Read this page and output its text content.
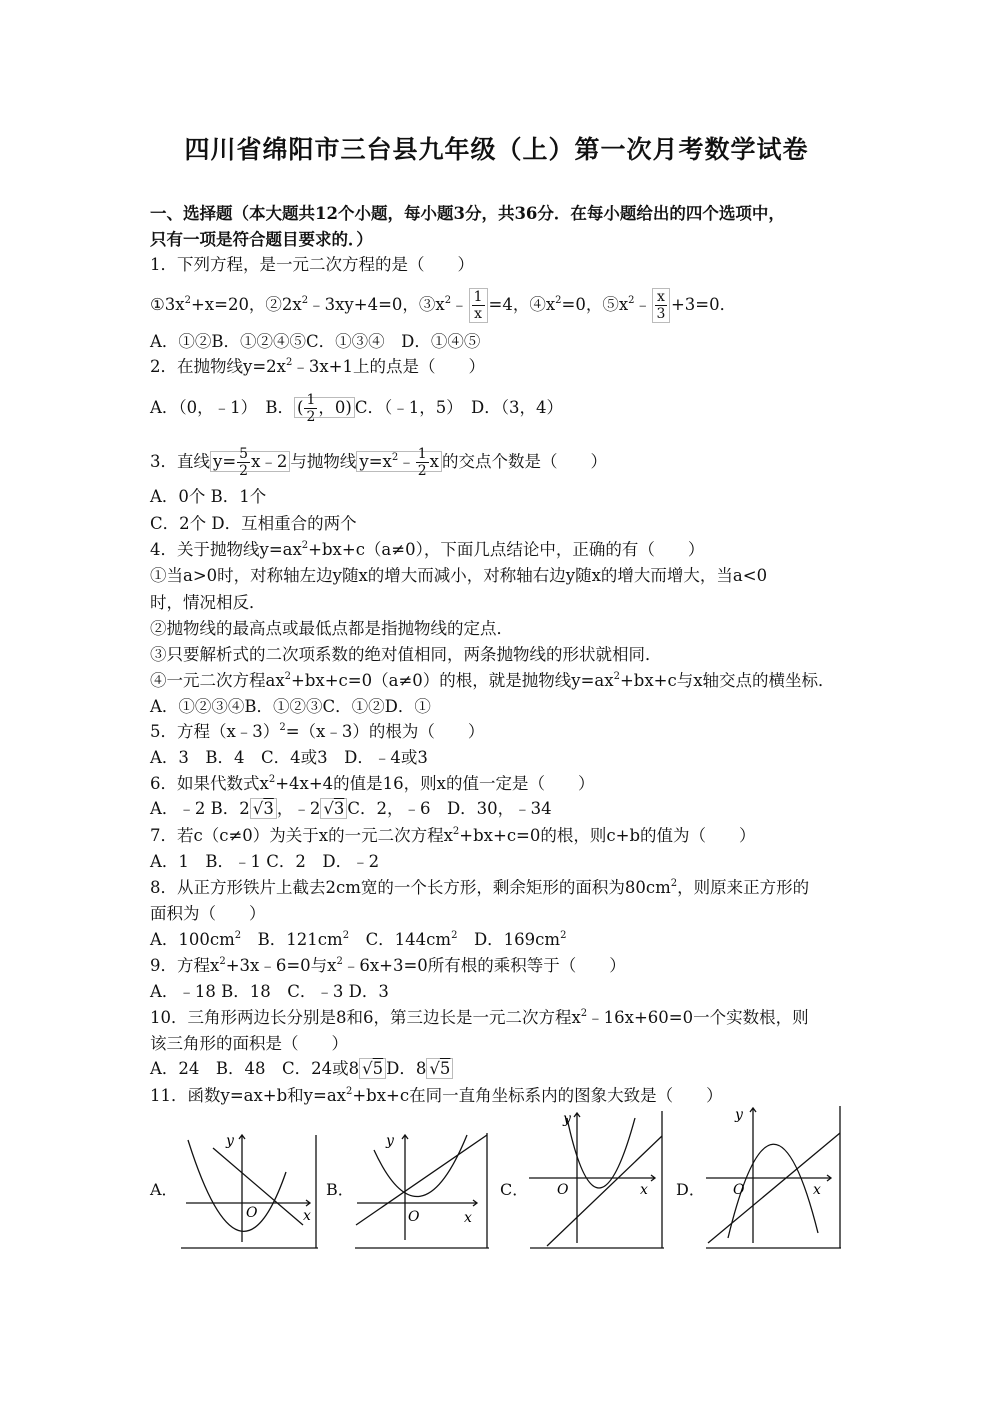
四川省绵阳市三台县九年级（上）第一次月考数学试卷
一、选择题（本大题共12个小题，每小题3分，共36分．在每小题给出的四个选项中，
只有一项是符合题目要求的．）
1．下列方程，是一元二次方程的是（　　）
$①3x^2+x=20$，$②2x^2﹣3xy+4=0$，$③x^2﹣ \frac{1}{x} =4$，$④x^2=0$，$⑤x^2﹣ \frac{x}{3} +3=0$．
A．①②B．①②④⑤C．①③④　D．①④⑤
2．在抛物线$y=2x^2﹣3x+1$上的点是（　　）
A．（0，﹣1）　B． ( $\frac{1}{2}$ ，0) C．（﹣1，5）　D．（3，4）
3．直线 $y= \frac{5}{2}$ x﹣2 与抛物线 $y=x^2﹣ \frac{1}{2}$ x 的交点个数是（　　）
A．0个 B．1个
C．2个 D．互相重合的两个
4．关于抛物线$y=ax^2+bx+c(a\ne 0)$，下面几点结论中，正确的有（　　）
①当a>0时，对称轴左边y随x的增大而减小，对称轴右边y随x的增大而增大，当a<0
时，情况相反．
②抛物线的最高点或最低点都是指抛物线的定点．
③只要解析式的二次项系数的绝对值相同，两条抛物线的形状就相同．
④一元二次方程$ax^2+bx+c=0(a\ne 0)$的根，就是抛物线$y=ax^2+bx+c$与x轴交点的横坐标．
A．①②③④B．①②③C．①②D．①
5．方程（x﹣3）$^2$=（x﹣3）的根为（　　）
A．3　B．4　C．4或3　D．﹣4或3
6．如果代数式$x^2+4x+4$的值是16，则x的值一定是（　　）
A．﹣2 B．2 √3 ，﹣2 √3 C．2，﹣6　D．30，﹣34
7．若c（c≠0）为关于x的一元二次方程$x^2+bx+c=0$的根，则c+b的值为（　　）
A．1　B．﹣1 C．2　D．﹣2
8．从正方形铁片上截去2cm宽的一个长方形，剩余矩形的面积为$80cm^2$，则原来正方形的
面积为（　　）
A．$100cm^2$　B．$121cm^2$　C．$144cm^2$　D．$169cm^2$
9．方程$x^2+3x﹣6=0$与$x^2﹣6x+3=0$所有根的乘积等于（　　）
A．﹣18 B．18　C．﹣3 D．3
10．三角形两边长分别是8和6，第三边长是一元二次方程$x^2﹣16x+60=0$一个实数根，则
该三角形的面积是（　　）
A．24　B．48　C．24或8 √5 D．8 √5
11．函数y=ax+b和$y=ax^2+bx+c$在同一直角坐标系内的图象大致是（　　）
A．	B．	C．	D．
y
x
O
y
x
O
y
x
O
y
x
O
